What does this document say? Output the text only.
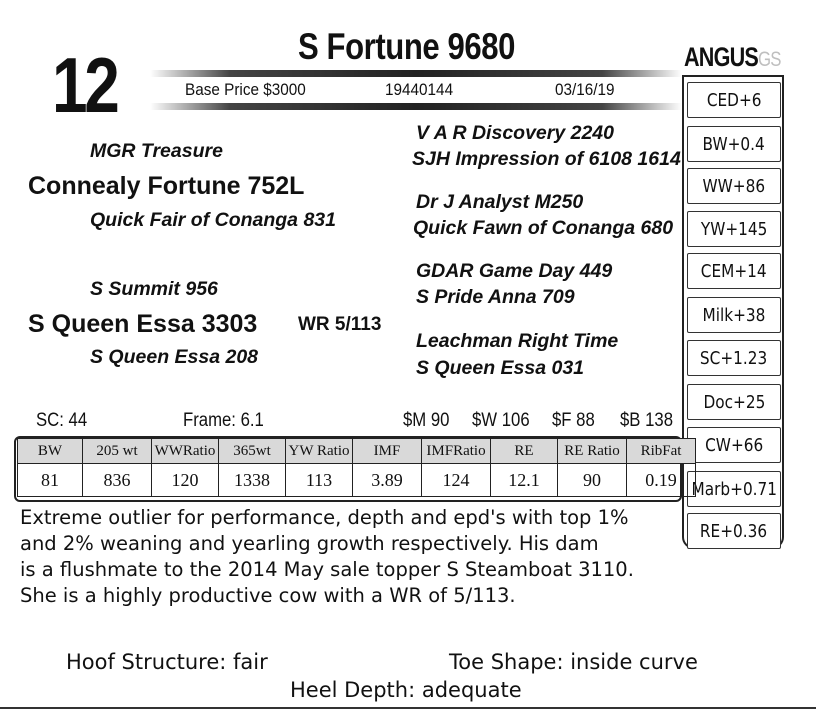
12	S Fortune 9680
Base Price $3000	19440144	03/16/19
ANGUSGS
CED+6
BW+0.4
WW+86
YW+145
CEM+14
Milk+38
SC+1.23
Doc+25
CW+66
Marb+0.71
RE+0.36
MGR Treasure
Connealy Fortune 752L
Quick Fair of Conanga 831
V A R Discovery 2240
SJH Impression of 6108 1614
Dr J Analyst M250
Quick Fawn of Conanga 680
S Summit 956
S Queen Essa 3303 WR 5/113
S Queen Essa 208
GDAR Game Day 449
S Pride Anna 709
Leachman Right Time
S Queen Essa 031
SC: 44	Frame: 6.1	$M 90 $W 106 $F 88 $B 138
BW	205 wt	WWRatio	365wt	YW Ratio	IMF	IMFRatio	RE	RE Ratio	RibFat
81	836	120	1338	113	3.89	124	12.1	90	0.19
Extreme outlier for performance, depth and epd's with top 1%
and 2% weaning and yearling growth respectively. His dam
is a flushmate to the 2014 May sale topper S Steamboat 3110.
She is a highly productive cow with a WR of 5/113.
Hoof Structure: fair	Toe Shape: inside curve
Heel Depth: adequate
